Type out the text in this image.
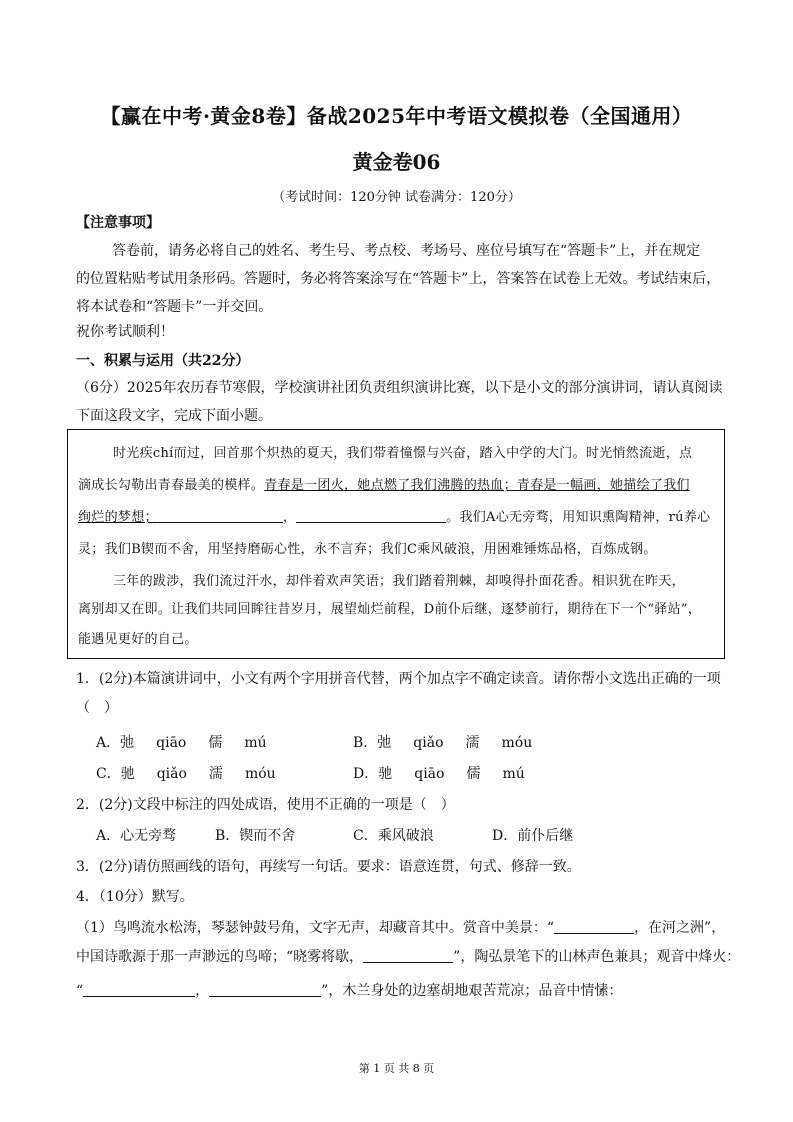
【赢在中考·黄金8卷】备战2025年中考语文模拟卷（全国通用）
黄金卷06
（考试时间：120分钟 试卷满分：120分）
【注意事项】
答卷前，请务必将自己的姓名、考生号、考点校、考场号、座位号填写在“答题卡”上，并在规定
的位置粘贴考试用条形码。答题时，务必将答案涂写在“答题卡”上，答案答在试卷上无效。考试结束后，
将本试卷和“答题卡”一并交回。
祝你考试顺利！
一、积累与运用（共22分）
（6分）2025年农历春节寒假，学校演讲社团负责组织演讲比赛，以下是小文的部分演讲词，请认真阅读
下面这段文字，完成下面小题。
时光疾chí而过，回首那个炽热的夏天，我们带着憧憬与兴奋，踏入中学的大门。时光悄然流逝，点
滴成长勾勒出青春最美的模样。青春是一团火，她点燃了我们沸腾的热血；青春是一幅画，她描绘了我们
绚烂的梦想；	，	。我们A心无旁骛，用知识熏陶精神，rú养心
灵；我们B锲而不舍，用坚持磨砺心性，永不言弃；我们C乘风破浪，用困难锤炼品格，百炼成钢。
三年的跋涉，我们流过汗水，却伴着欢声笑语；我们踏着荆棘，却嗅得扑面花香。相识犹在昨天，
离别却又在即。让我们共同回眸往昔岁月，展望灿烂前程，D前仆后继，逐梦前行，期待在下一个“驿站”，
能遇见更好的自己。
1．(2分)本篇演讲词中，小文有两个字用拼音代替，两个加点字不确定读音。请你帮小文选出正确的一项
（　）
A．弛 qiāo 儒 mú	B．弛 qiǎo 濡 móu
C．驰 qiǎo 濡 móu	D．驰 qiāo 儒 mú
2．(2分)文段中标注的四处成语，使用不正确的一项是（　）
A．心无旁骛	B．锲而不舍	C．乘风破浪	D．前仆后继
3．(2分)请仿照画线的语句，再续写一句话。要求：语意连贯，句式、修辞一致。
4．（10分）默写。
（1）鸟鸣流水松涛，琴瑟钟鼓号角，文字无声，却藏音其中。赏音中美景：“	，在河之洲”，
中国诗歌源于那一声渺远的鸟啼；“晓雾将歇，	”，陶弘景笔下的山林声色兼具；观音中烽火：
“	，	”，木兰身处的边塞胡地艰苦荒凉；品音中情愫：
第 1 页 共 8 页
